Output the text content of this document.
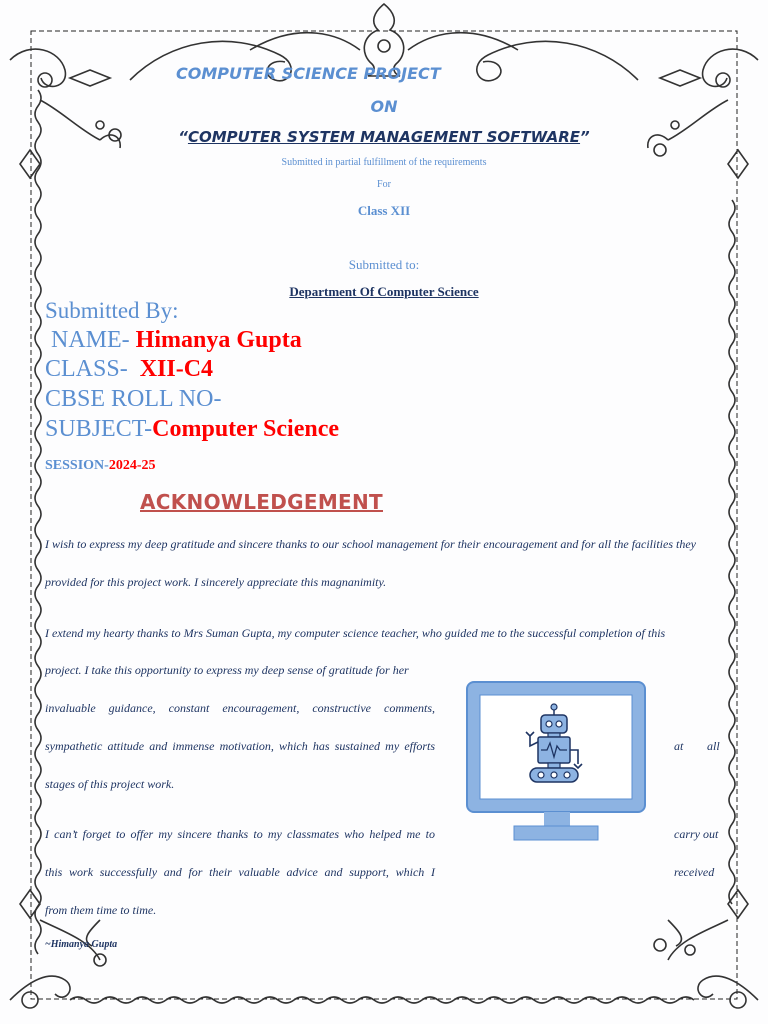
COMPUTER SCIENCE PROJECT
ON
“COMPUTER SYSTEM MANAGEMENT SOFTWARE”
Submitted in partial fulfillment of the requirements
For
Class XII
Submitted to:
Department Of Computer Science
Submitted By:
NAME- Himanya Gupta
CLASS-  XII-C4
CBSE ROLL NO-
SUBJECT-Computer Science
SESSION-2024-25
ACKNOWLEDGEMENT
I wish to express my deep gratitude and sincere thanks to our school management for their encouragement and for all the facilities they
provided for this project work. I sincerely appreciate this magnanimity.
I extend my hearty thanks to Mrs Suman Gupta, my computer science teacher, who guided me to the successful completion of this
project. I take this opportunity to express my deep sense of gratitude for her
invaluable guidance, constant encouragement, constructive comments,
sympathetic attitude and immense motivation, which has sustained my efforts	at all
stages of this project work.
I can’t forget to offer my sincere thanks to my classmates who helped me to	carry out
this work successfully and for their valuable advice and support, which I	received
from them time to time.
~Himanya Gupta
